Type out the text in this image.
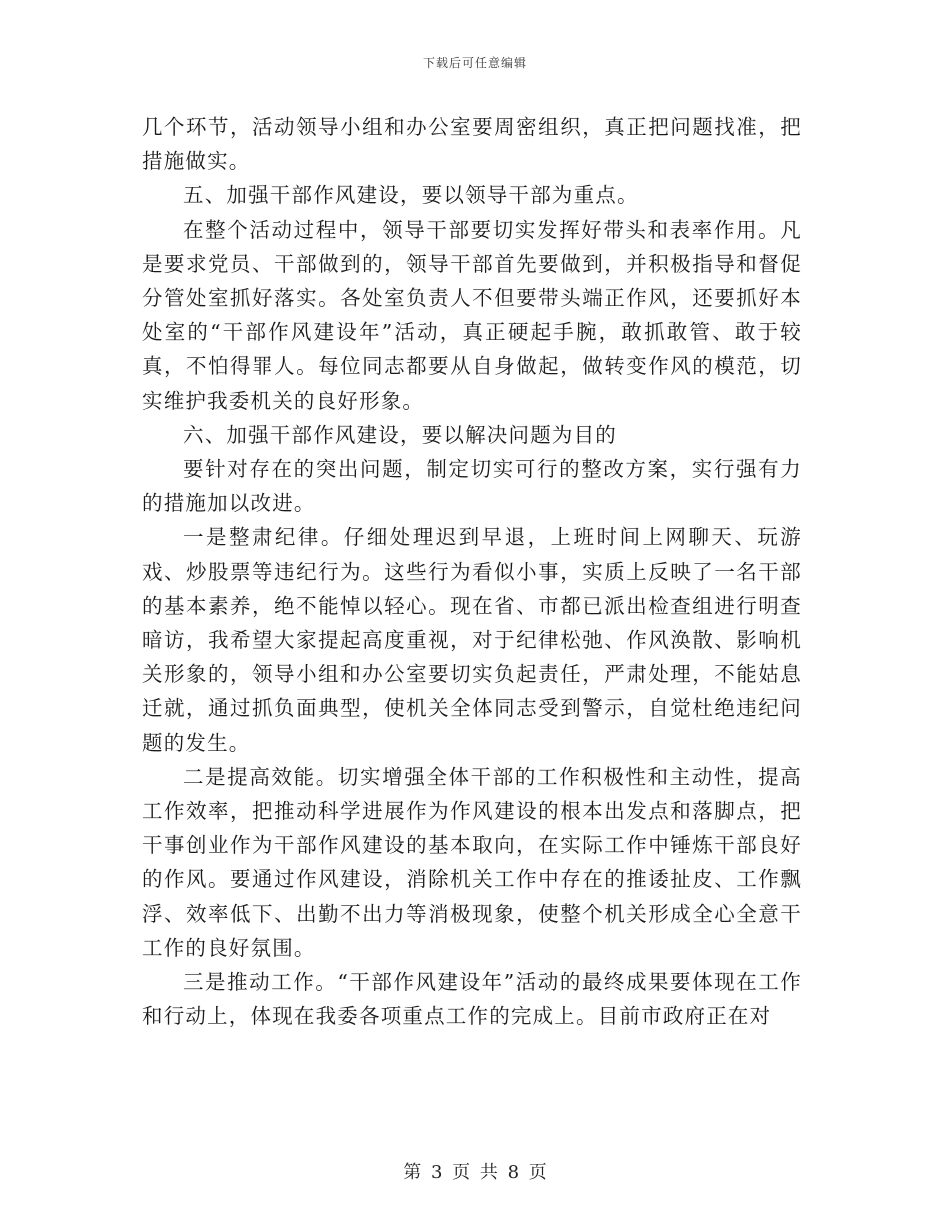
下载后可任意编辑

几个环节，活动领导小组和办公室要周密组织，真正把问题找准，把措施做实。

五、加强干部作风建设，要以领导干部为重点。

在整个活动过程中，领导干部要切实发挥好带头和表率作用。凡是要求党员、干部做到的，领导干部首先要做到，并积极指导和督促分管处室抓好落实。各处室负责人不但要带头端正作风，还要抓好本处室的“干部作风建设年”活动，真正硬起手腕，敢抓敢管、敢于较真，不怕得罪人。每位同志都要从自身做起，做转变作风的模范，切实维护我委机关的良好形象。

六、加强干部作风建设，要以解决问题为目的

要针对存在的突出问题，制定切实可行的整改方案，实行强有力的措施加以改进。

一是整肃纪律。仔细处理迟到早退，上班时间上网聊天、玩游戏、炒股票等违纪行为。这些行为看似小事，实质上反映了一名干部的基本素养，绝不能悼以轻心。现在省、市都已派出检查组进行明查暗访，我希望大家提起高度重视，对于纪律松弛、作风涣散、影响机关形象的，领导小组和办公室要切实负起责任，严肃处理，不能姑息迁就，通过抓负面典型，使机关全体同志受到警示，自觉杜绝违纪问题的发生。

二是提高效能。切实增强全体干部的工作积极性和主动性，提高工作效率，把推动科学进展作为作风建设的根本出发点和落脚点，把干事创业作为干部作风建设的基本取向，在实际工作中锤炼干部良好的作风。要通过作风建设，消除机关工作中存在的推诿扯皮、工作飘浮、效率低下、出勤不出力等消极现象，使整个机关形成全心全意干工作的良好氛围。

三是推动工作。“干部作风建设年”活动的最终成果要体现在工作和行动上，体现在我委各项重点工作的完成上。目前市政府正在对

第 3 页 共 8 页
